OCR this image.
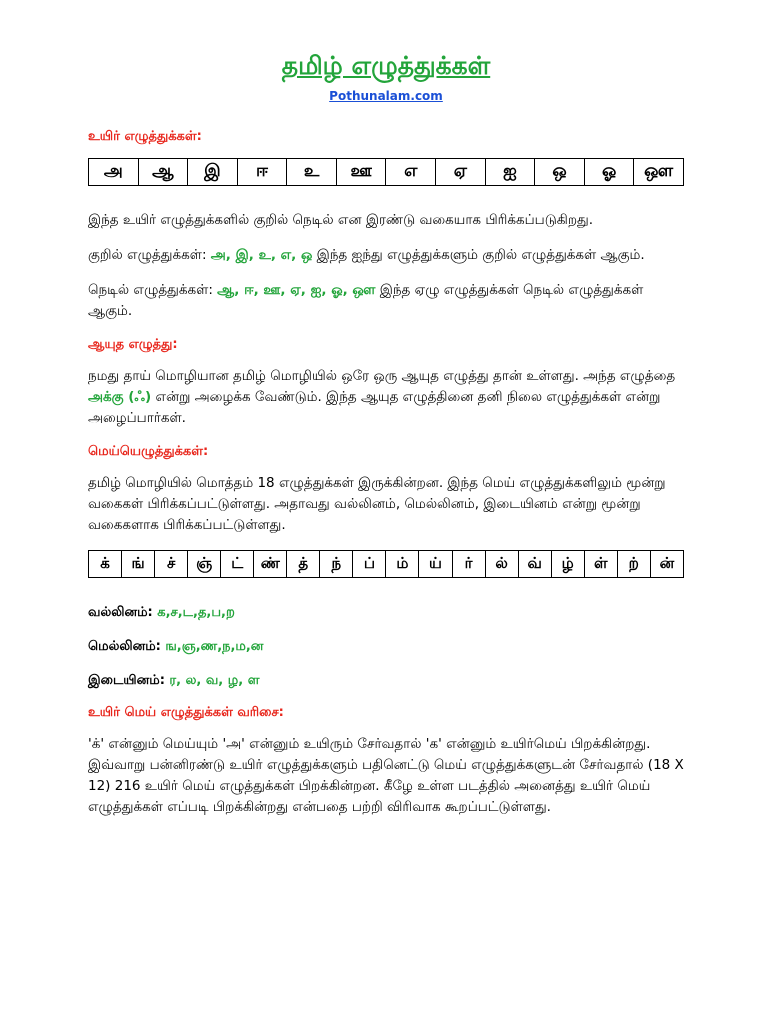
தமிழ் எழுத்துக்கள்
Pothunalam.com

உயிர் எழுத்துக்கள்:

அ	ஆ	இ	ஈ	உ	ஊ	எ	ஏ	ஐ	ஒ	ஓ	ஔ

இந்த உயிர் எழுத்துக்களில் குறில் நெடில் என இரண்டு வகையாக பிரிக்கப்படுகிறது.

குறில் எழுத்துக்கள்: அ, இ, உ, எ, ஒ இந்த ஐந்து எழுத்துக்களும் குறில் எழுத்துக்கள் ஆகும்.

நெடில் எழுத்துக்கள்: ஆ, ஈ, ஊ, ஏ, ஐ, ஓ, ஔ இந்த ஏழு எழுத்துக்கள் நெடில் எழுத்துக்கள் ஆகும்.

ஆயுத எழுத்து:

நமது தாய் மொழியான தமிழ் மொழியில் ஒரே ஒரு ஆயுத எழுத்து தான் உள்ளது. அந்த எழுத்தை அக்கு (ஃ) என்று அழைக்க வேண்டும். இந்த ஆயுத எழுத்தினை தனி நிலை எழுத்துக்கள் என்று அழைப்பார்கள்.

மெய்யெழுத்துக்கள்:

தமிழ் மொழியில் மொத்தம் 18 எழுத்துக்கள் இருக்கின்றன. இந்த மெய் எழுத்துக்களிலும் மூன்று வகைகள் பிரிக்கப்பட்டுள்ளது. அதாவது வல்லினம், மெல்லினம், இடையினம் என்று மூன்று வகைகளாக பிரிக்கப்பட்டுள்ளது.

க்	ங்	ச்	ஞ்	ட்	ண்	த்	ந்	ப்	ம்	ய்	ர்	ல்	வ்	ழ்	ள்	ற்	ன்

வல்லினம்: க,ச,ட,த,ப,ற

மெல்லினம்: ங,ஞ,ண,ந,ம,ன

இடையினம்: ர, ல, வ, ழ, ள

உயிர் மெய் எழுத்துக்கள் வரிசை:

'க்' என்னும் மெய்யும் 'அ' என்னும் உயிரும் சேர்வதால் 'க' என்னும் உயிர்மெய் பிறக்கின்றது. இவ்வாறு பன்னிரண்டு உயிர் எழுத்துக்களும் பதினெட்டு மெய் எழுத்துக்களுடன் சேர்வதால் (18 X 12) 216 உயிர் மெய் எழுத்துக்கள் பிறக்கின்றன. கீழே உள்ள படத்தில் அனைத்து உயிர் மெய் எழுத்துக்கள் எப்படி பிறக்கின்றது என்பதை பற்றி விரிவாக கூறப்பட்டுள்ளது.
